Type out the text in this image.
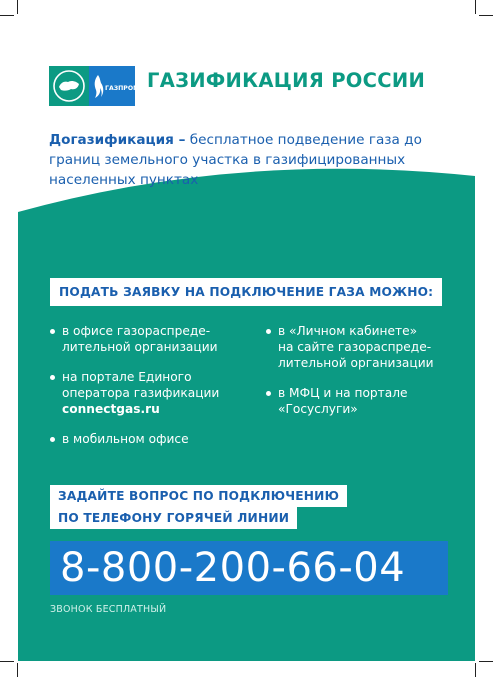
ГАЗПРОМ ГАЗИФИКАЦИЯ РОССИИ
Догазификация – бесплатное подведение газа до границ земельного участка в газифицированных населенных пунктах
ПОДАТЬ ЗАЯВКУ НА ПОДКЛЮЧЕНИЕ ГАЗА МОЖНО:
в офисе газораспреде-
лительной организации
на портале Единого
оператора газификации
connectgas.ru
в мобильном офисе
в «Личном кабинете»
на сайте газораспреде-
лительной организации
в МФЦ и на портале
«Госуслуги»
ЗАДАЙТЕ ВОПРОС ПО ПОДКЛЮЧЕНИЮ
ПО ТЕЛЕФОНУ ГОРЯЧЕЙ ЛИНИИ
8-800-200-66-04
ЗВОНОК БЕСПЛАТНЫЙ
